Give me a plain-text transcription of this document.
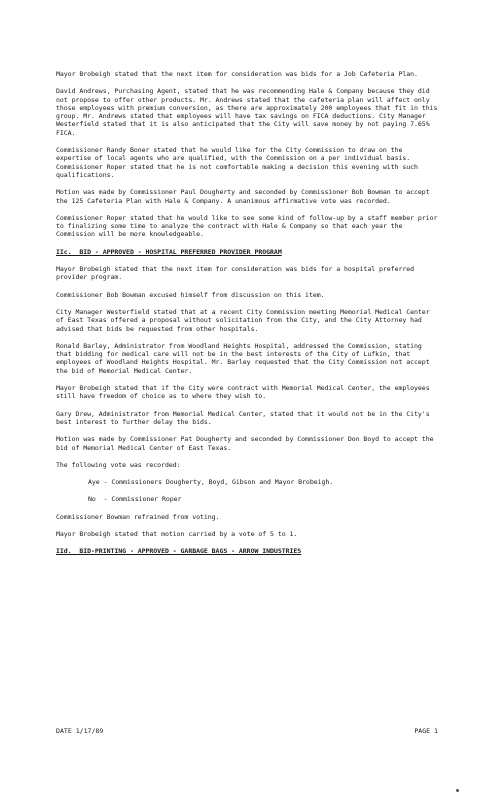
Mayor Brobeigh stated that the next item for consideration was bids for a Job Cafeteria Plan.

David Andrews, Purchasing Agent, stated that he was recommending Hale & Company because they did not propose to offer other products. Mr. Andrews stated that the cafeteria plan will affect only those employees with premium conversion, as there are approximately 200 employees that fit in this group. Mr. Andrews stated that employees will have tax savings on FICA deductions. City Manager Westerfield stated that it is also anticipated that the City will save money by not paying 7.65% FICA.

Commissioner Randy Boner stated that he would like for the City Commission to draw on the expertise of local agents who are qualified, with the Commission on a per individual basis. Commissioner Roper stated that he is not comfortable making a decision this evening with such qualifications.

Motion was made by Commissioner Paul Dougherty and seconded by Commissioner Bob Bowman to accept the 125 Cafeteria Plan with Hale & Company. A unanimous affirmative vote was recorded.

Commissioner Roper stated that he would like to see some kind of follow-up by a staff member prior to finalizing some time to analyze the contract with Hale & Company so that each year the Commission will be more knowledgeable.

IIc.  BID - APPROVED - HOSPITAL PREFERRED PROVIDER PROGRAM

Mayor Brobeigh stated that the next item for consideration was bids for a hospital preferred provider program.

Commissioner Bob Bowman excused himself from discussion on this item.

City Manager Westerfield stated that at a recent City Commission meeting Memorial Medical Center of East Texas offered a proposal without solicitation from the City, and the City Attorney had advised that bids be requested from other hospitals.

Ronald Barley, Administrator from Woodland Heights Hospital, addressed the Commission, stating that bidding for medical care will not be in the best interests of the City of Lufkin, that employees of Woodland Heights Hospital. Mr. Barley requested that the City Commission not accept the bid of Memorial Medical Center.

Mayor Brobeigh stated that if the City were contract with Memorial Medical Center, the employees still have freedom of choice as to where they wish to.

Gary Drew, Administrator from Memorial Medical Center, stated that it would not be in the City's best interest to further delay the bids.

Motion was made by Commissioner Pat Dougherty and seconded by Commissioner Don Boyd to accept the bid of Memorial Medical Center of East Texas.

The following vote was recorded:

Aye - Commissioners Dougherty, Boyd, Gibson and Mayor Brobeigh.

No  - Commissioner Roper

Commissioner Bowman refrained from voting.

Mayor Brobeigh stated that motion carried by a vote of 5 to 1.

IId.  BID-PRINTING - APPROVED - GARBAGE BAGS - ARROW INDUSTRIES
DATE 1/17/89	PAGE 1
